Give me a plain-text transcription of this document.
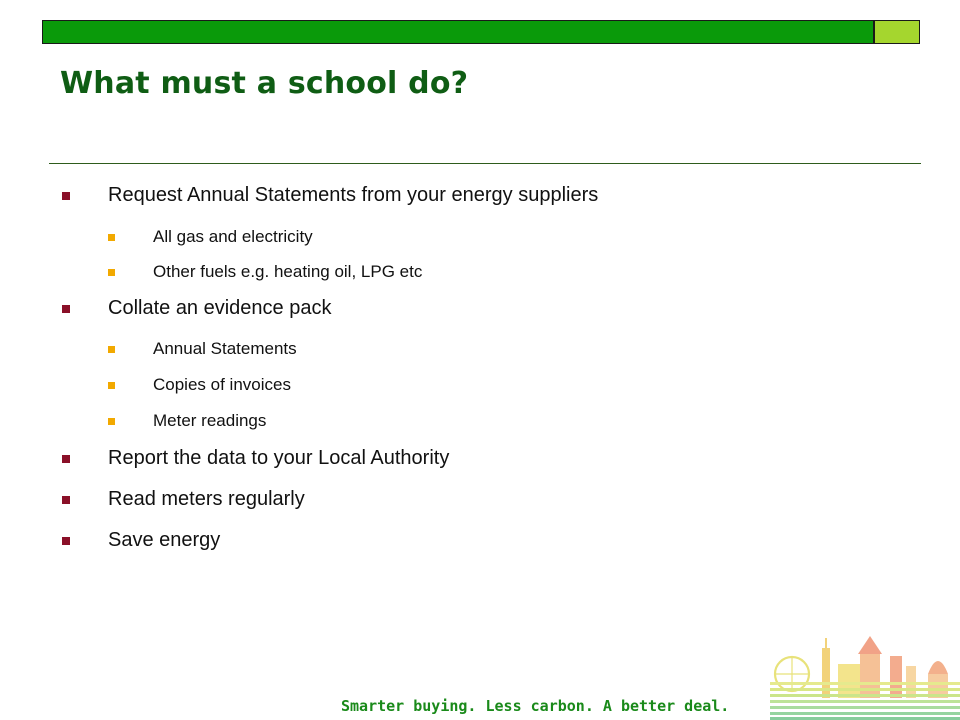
What must a school do?
Request Annual Statements from your energy suppliers
All gas and electricity
Other fuels e.g. heating oil, LPG etc
Collate an evidence pack
Annual Statements
Copies of invoices
Meter readings
Report the data to your Local Authority
Read meters regularly
Save energy
Smarter buying. Less carbon. A better deal.
